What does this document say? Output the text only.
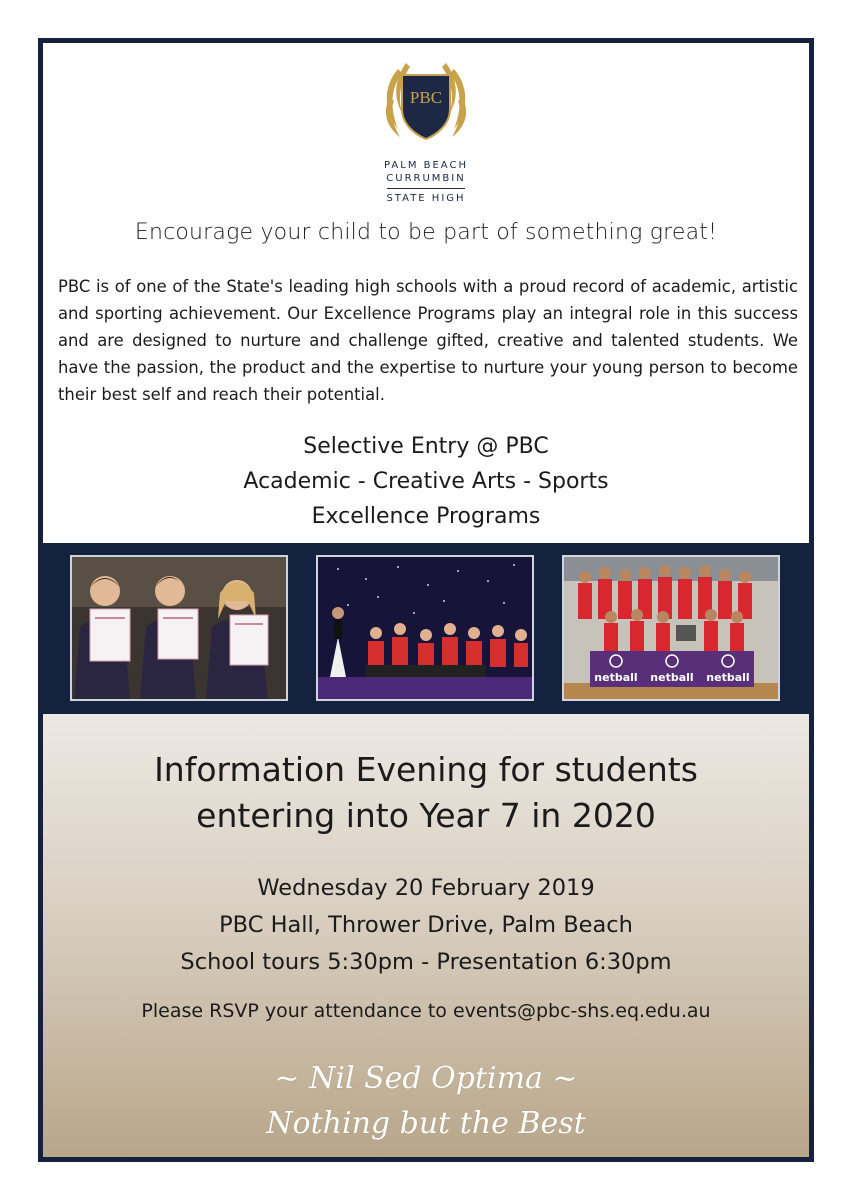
PBC
PALM BEACH
CURRUMBIN
STATE HIGH
Encourage your child to be part of something great!
PBC is of one of the State's leading high schools with a proud record of academic, artistic and sporting achievement. Our Excellence Programs play an integral role in this success and are designed to nurture and challenge gifted, creative and talented students. We have the passion, the product and the expertise to nurture your young person to become their best self and reach their potential.
Selective Entry @ PBC
Academic - Creative Arts - Sports
Excellence Programs
netball netball netball
Information Evening for students
entering into Year 7 in 2020
Wednesday 20 February 2019
PBC Hall, Thrower Drive, Palm Beach
School tours 5:30pm - Presentation 6:30pm
Please RSVP your attendance to events@pbc-shs.eq.edu.au
~ Nil Sed Optima ~
Nothing but the Best
